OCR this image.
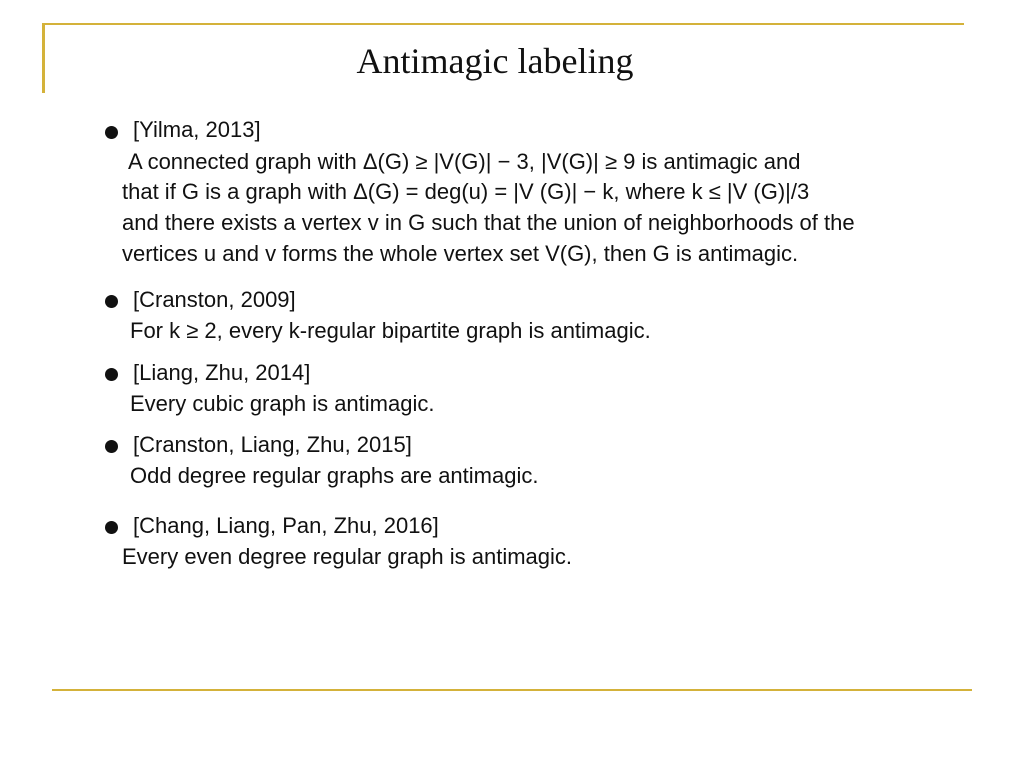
Antimagic labeling
[Yilma, 2013]
A connected graph with Δ(G) ≥ |V(G)| − 3, |V(G)| ≥ 9 is antimagic and
that if G is a graph with Δ(G) = deg(u) = |V (G)| − k, where k ≤ |V (G)|/3
and there exists a vertex v in G such that the union of neighborhoods of the
vertices u and v forms the whole vertex set V(G), then G is antimagic.
[Cranston, 2009]
For k ≥ 2, every k-regular bipartite graph is antimagic.
[Liang, Zhu, 2014]
Every cubic graph is antimagic.
[Cranston, Liang, Zhu, 2015]
Odd degree regular graphs are antimagic.
[Chang, Liang, Pan, Zhu, 2016]
Every even degree regular graph is antimagic.
